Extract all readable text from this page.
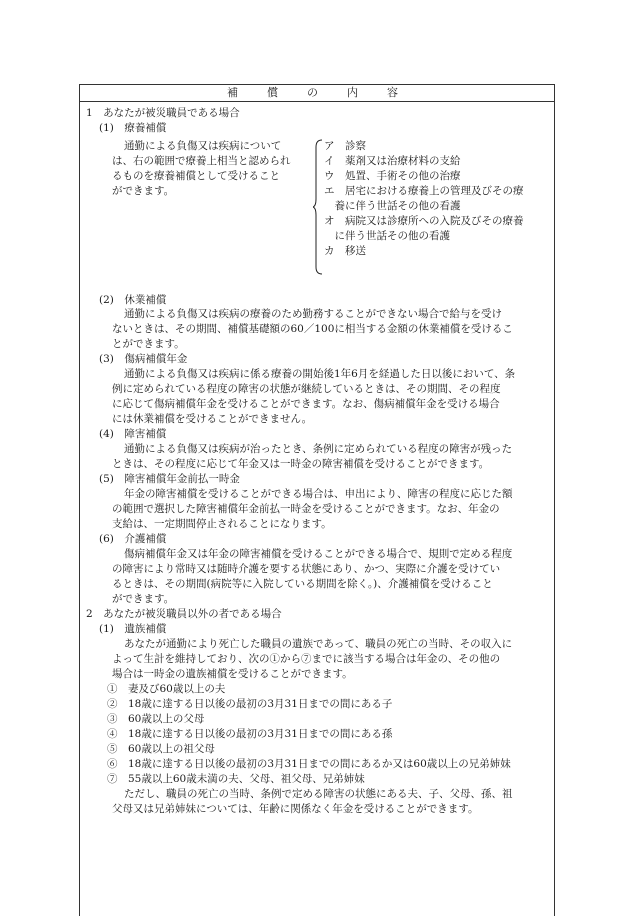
補　償　の　内　容
1　あなたが被災職員である場合
(1)　療養補償
通勤による負傷又は疾病について
は、右の範囲で療養上相当と認められ
るものを療養補償として受けること
ができます。
ア　診察
イ　薬剤又は治療材料の支給
ウ　処置、手術その他の治療
エ　居宅における療養上の管理及びその療
　養に伴う世話その他の看護
オ　病院又は診療所への入院及びその療養
　に伴う世話その他の看護
カ　移送
(2)　休業補償
通勤による負傷又は疾病の療養のため勤務することができない場合で給与を受け
ないときは、その期間、補償基礎額の60／100に相当する金額の休業補償を受けるこ
とができます。
(3)　傷病補償年金
通勤による負傷又は疾病に係る療養の開始後1年6月を経過した日以後において、条
例に定められている程度の障害の状態が継続しているときは、その期間、その程度
に応じて傷病補償年金を受けることができます。なお、傷病補償年金を受ける場合
には休業補償を受けることができません。
(4)　障害補償
通勤による負傷又は疾病が治ったとき、条例に定められている程度の障害が残った
ときは、その程度に応じて年金又は一時金の障害補償を受けることができます。
(5)　障害補償年金前払一時金
年金の障害補償を受けることができる場合は、申出により、障害の程度に応じた額
の範囲で選択した障害補償年金前払一時金を受けることができます。なお、年金の
支給は、一定期間停止されることになります。
(6)　介護補償
傷病補償年金又は年金の障害補償を受けることができる場合で、規則で定める程度
の障害により常時又は随時介護を要する状態にあり、かつ、実際に介護を受けてい
るときは、その期間(病院等に入院している期間を除く。)、介護補償を受けること
ができます。
2　あなたが被災職員以外の者である場合
(1)　遺族補償
あなたが通勤により死亡した職員の遺族であって、職員の死亡の当時、その収入に
よって生計を維持しており、次の①から⑦までに該当する場合は年金の、その他の
場合は一時金の遺族補償を受けることができます。
①　妻及び60歳以上の夫
②　18歳に達する日以後の最初の3月31日までの間にある子
③　60歳以上の父母
④　18歳に達する日以後の最初の3月31日までの間にある孫
⑤　60歳以上の祖父母
⑥　18歳に達する日以後の最初の3月31日までの間にあるか又は60歳以上の兄弟姉妹
⑦　55歳以上60歳未満の夫、父母、祖父母、兄弟姉妹
ただし、職員の死亡の当時、条例で定める障害の状態にある夫、子、父母、孫、祖
父母又は兄弟姉妹については、年齢に関係なく年金を受けることができます。
